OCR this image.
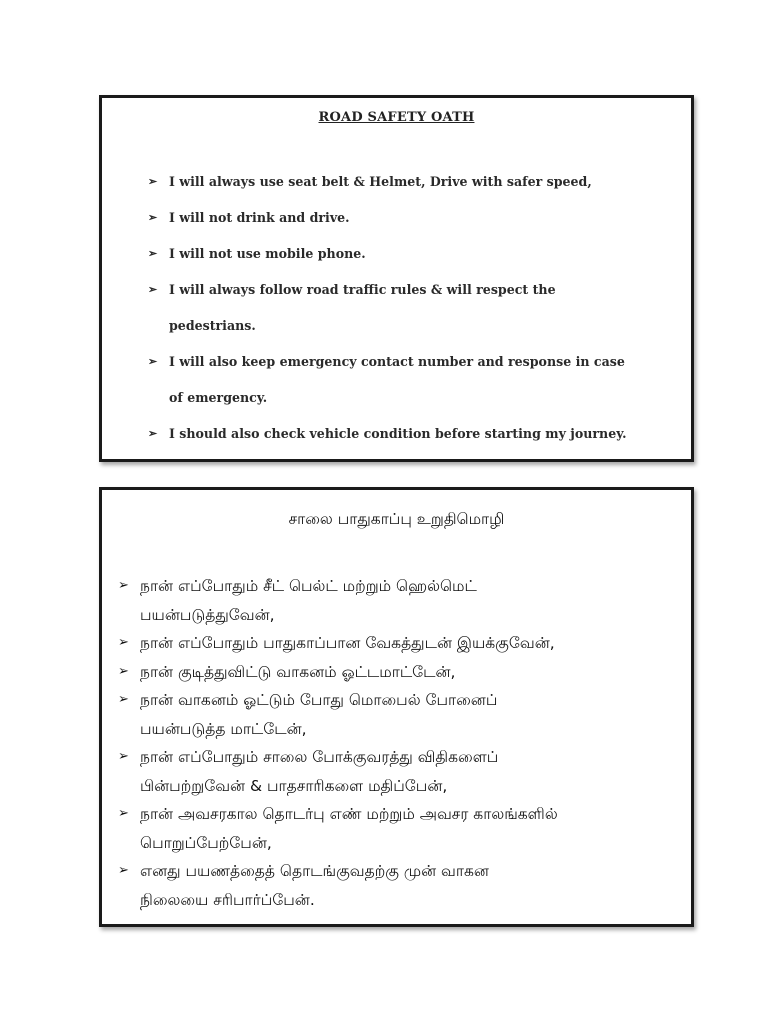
ROAD SAFETY OATH
➢ I will always use seat belt & Helmet, Drive with safer speed,
➢ I will not drink and drive.
➢ I will not use mobile phone.
➢ I will always follow road traffic rules & will respect the
pedestrians.
➢ I will also keep emergency contact number and response in case
of emergency.
➢ I should also check vehicle condition before starting my journey.
சாலை பாதுகாப்பு உறுதிமொழி
➢ நான் எப்போதும் சீட் பெல்ட் மற்றும் ஹெல்மெட்
பயன்படுத்துவேன்,
➢ நான் எப்போதும் பாதுகாப்பான வேகத்துடன் இயக்குவேன்,
➢ நான் குடித்துவிட்டு வாகனம் ஓட்டமாட்டேன்,
➢ நான் வாகனம் ஓட்டும் போது மொபைல் போனைப்
பயன்படுத்த மாட்டேன்,
➢ நான் எப்போதும் சாலை போக்குவரத்து விதிகளைப்
பின்பற்றுவேன் & பாதசாரிகளை மதிப்பேன்,
➢ நான் அவசரகால தொடர்பு எண் மற்றும் அவசர காலங்களில்
பொறுப்பேற்பேன்,
➢ எனது பயணத்தைத் தொடங்குவதற்கு முன் வாகன
நிலையை சரிபார்ப்பேன்.
